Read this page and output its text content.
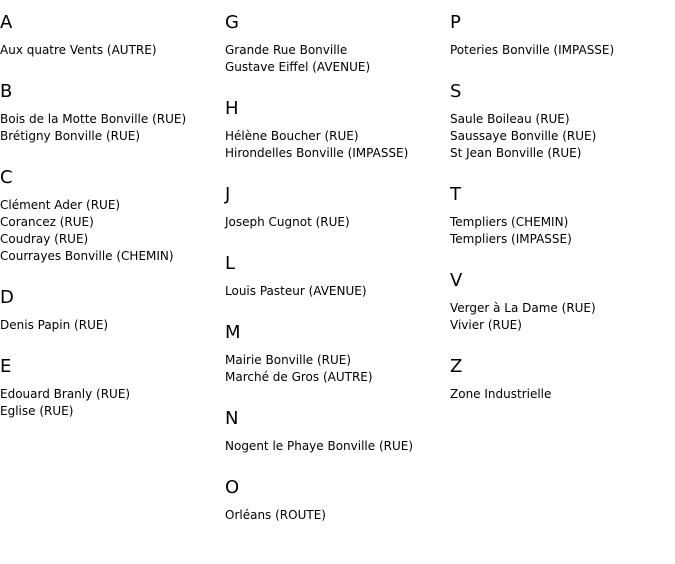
A
Aux quatre Vents (AUTRE)
B
Bois de la Motte Bonville (RUE)
Brétigny Bonville (RUE)
C
Clément Ader (RUE)
Corancez (RUE)
Coudray (RUE)
Courrayes Bonville (CHEMIN)
D
Denis Papin (RUE)
E
Edouard Branly (RUE)
Eglise (RUE)
G
Grande Rue Bonville
Gustave Eiffel (AVENUE)
H
Hélène Boucher (RUE)
Hirondelles Bonville (IMPASSE)
J
Joseph Cugnot (RUE)
L
Louis Pasteur (AVENUE)
M
Mairie Bonville (RUE)
Marché de Gros (AUTRE)
N
Nogent le Phaye Bonville (RUE)
O
Orléans (ROUTE)
P
Poteries Bonville (IMPASSE)
S
Saule Boileau (RUE)
Saussaye Bonville (RUE)
St Jean Bonville (RUE)
T
Templiers (CHEMIN)
Templiers (IMPASSE)
V
Verger à La Dame (RUE)
Vivier (RUE)
Z
Zone Industrielle
